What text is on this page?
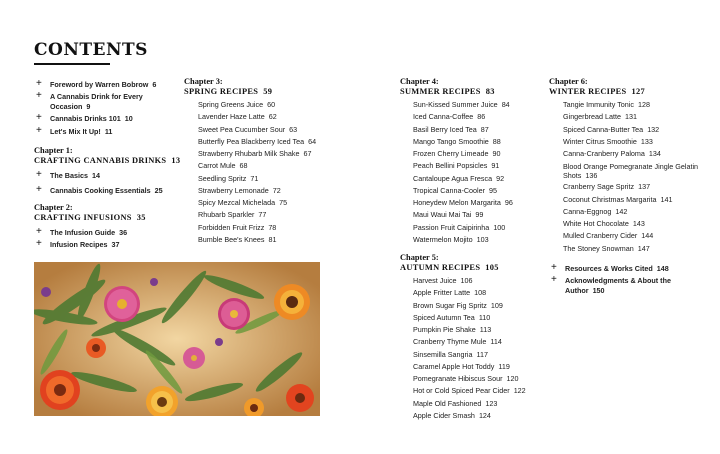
CONTENTS
+ Foreword by Warren Bobrow 6
+ A Cannabis Drink for Every Occasion 9
+ Cannabis Drinks 101 10
+ Let's Mix It Up! 11
Chapter 1:
CRAFTING CANNABIS DRINKS 13
+ The Basics 14
+ Cannabis Cooking Essentials 25
Chapter 2:
CRAFTING INFUSIONS 35
+ The Infusion Guide 36
+ Infusion Recipes 37
Chapter 3:
SPRING RECIPES 59
Spring Greens Juice 60
Lavender Haze Latte 62
Sweet Pea Cucumber Sour 63
Butterfly Pea Blackberry Iced Tea 64
Strawberry Rhubarb Milk Shake 67
Carrot Mule 68
Seedling Spritz 71
Strawberry Lemonade 72
Spicy Mezcal Michelada 75
Rhubarb Sparkler 77
Forbidden Fruit Frizz 78
Bumble Bee's Knees 81
Chapter 4:
SUMMER RECIPES 83
Sun-Kissed Summer Juice 84
Iced Canna-Coffee 86
Basil Berry Iced Tea 87
Mango Tango Smoothie 88
Frozen Cherry Limeade 90
Peach Bellini Popsicles 91
Cantaloupe Agua Fresca 92
Tropical Canna-Cooler 95
Honeydew Melon Margarita 96
Maui Waui Mai Tai 99
Passion Fruit Caipirinha 100
Watermelon Mojito 103
Chapter 5:
AUTUMN RECIPES 105
Harvest Juice 106
Apple Fritter Latte 108
Brown Sugar Fig Spritz 109
Spiced Autumn Tea 110
Pumpkin Pie Shake 113
Cranberry Thyme Mule 114
Sinsemilla Sangria 117
Caramel Apple Hot Toddy 119
Pomegranate Hibiscus Sour 120
Hot or Cold Spiced Pear Cider 122
Maple Old Fashioned 123
Apple Cider Smash 124
Chapter 6:
WINTER RECIPES 127
Tangie Immunity Tonic 128
Gingerbread Latte 131
Spiced Canna-Butter Tea 132
Winter Citrus Smoothie 133
Canna-Cranberry Paloma 134
Blood Orange Pomegranate Jingle Gelatin Shots 136
Cranberry Sage Spritz 137
Coconut Christmas Margarita 141
Canna-Eggnog 142
White Hot Chocolate 143
Mulled Cranberry Cider 144
The Stoney Snowman 147
+ Resources & Works Cited 148
+ Acknowledgments & About the Author 150
